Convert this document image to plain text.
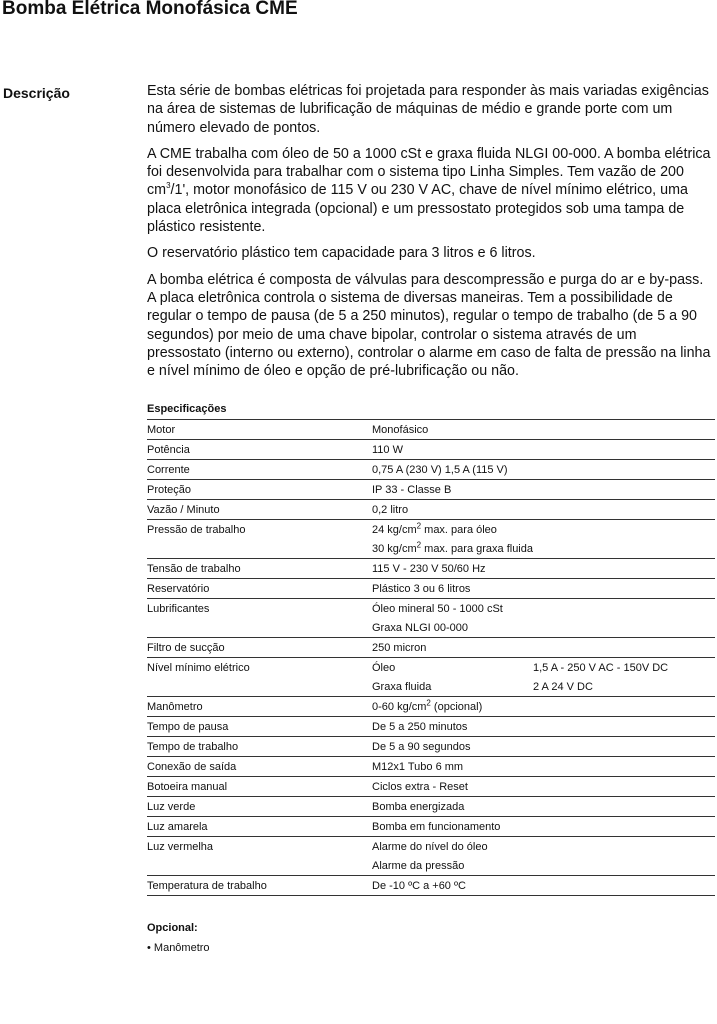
Bomba Elétrica Monofásica CME
Descrição	Esta série de bombas elétricas foi projetada para responder às mais variadas exigências na área de sistemas de lubrificação de máquinas de médio e grande porte com um número elevado de pontos.

A CME trabalha com óleo de 50 a 1000 cSt e graxa fluida NLGI 00-000. A bomba elétrica foi desenvolvida para trabalhar com o sistema tipo Linha Simples. Tem vazão de 200 $cm^3/1'$, motor monofásico de 115 V ou 230 V AC, chave de nível mínimo elétrico, uma placa eletrônica integrada (opcional) e um pressostato protegidos sob uma tampa de plástico resistente.

O reservatório plástico tem capacidade para 3 litros e 6 litros.

A bomba elétrica é composta de válvulas para descompressão e purga do ar e by-pass. A placa eletrônica controla o sistema de diversas maneiras. Tem a possibilidade de regular o tempo de pausa (de 5 a 250 minutos), regular o tempo de trabalho (de 5 a 90 segundos) por meio de uma chave bipolar, controlar o sistema através de um pressostato (interno ou externo), controlar o alarme em caso de falta de pressão na linha e nível mínimo de óleo e opção de pré-lubrificação ou não.

Especificações
Motor	Monofásico	
Potência	110 W	
Corrente	0,75 A (230 V) 1,5 A (115 V)	
Proteção	IP 33 - Classe B	
Vazão / Minuto	0,2 litro	
Pressão de trabalho	24 $kg/cm^2$ max. para óleo	
	30 $kg/cm^2$ max. para graxa fluida	
Tensão de trabalho	115 V - 230 V 50/60 Hz	
Reservatório	Plástico 3 ou 6 litros	
Lubrificantes	Óleo mineral 50 - 1000 cSt	
	Graxa NLGI 00-000	
Filtro de sucção	250 micron	
Nível mínimo elétrico	Óleo	1,5 A - 250 V AC - 150V DC
	Graxa fluida	2 A 24 V DC
Manômetro	0-60 $kg/cm^2$ (opcional)	
Tempo de pausa	De 5 a 250 minutos	
Tempo de trabalho	De 5 a 90 segundos	
Conexão de saída	M12x1 Tubo 6 mm	
Botoeira manual	Ciclos extra - Reset	
Luz verde	Bomba energizada	
Luz amarela	Bomba em funcionamento	
Luz vermelha	Alarme do nível do óleo	
	Alarme da pressão	
Temperatura de trabalho	De -10 ºC a +60 ºC	
Opcional:
• Manômetro
